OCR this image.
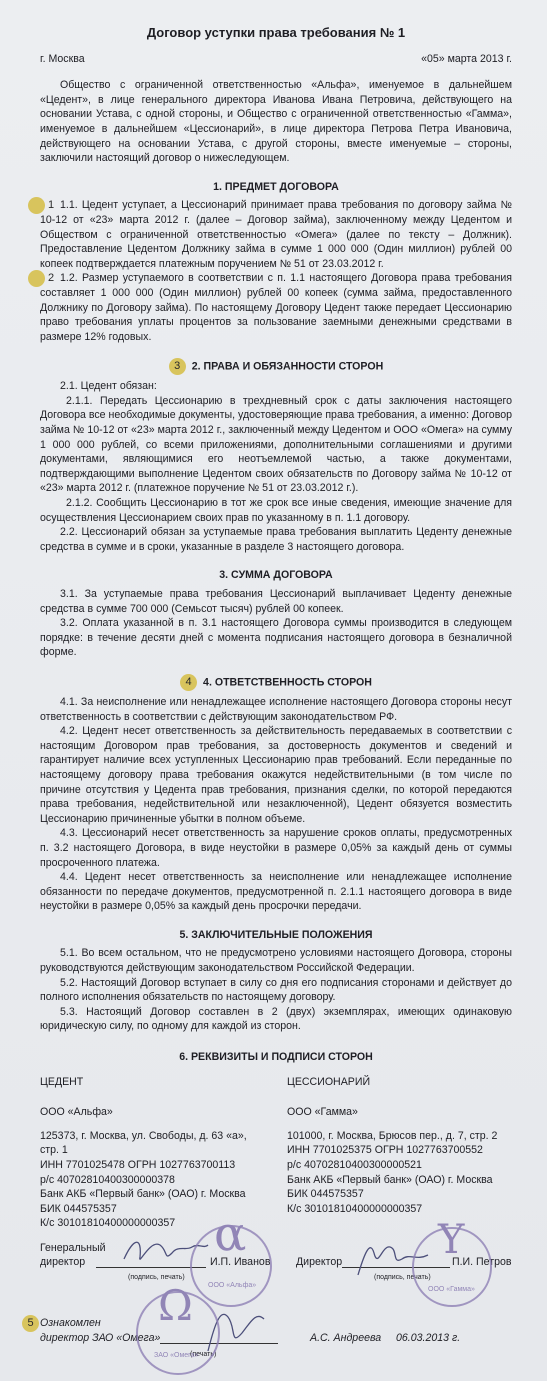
Договор уступки права требования № 1
г. Москва	«05» марта 2013 г.

Общество с ограниченной ответственностью «Альфа», именуемое в дальнейшем «Цедент», в лице генерального директора Иванова Ивана Петровича, действующего на основании Устава, с одной стороны, и Общество с ограниченной ответственностью «Гамма», именуемое в дальнейшем «Цессионарий», в лице директора Петрова Петра Ивановича, действующего на основании Устава, с другой стороны, вместе именуемые – стороны, заключили настоящий договор о нижеследующем.

1. ПРЕДМЕТ ДОГОВОРА

1 1.1. Цедент уступает, а Цессионарий принимает права требования по договору займа № 10-12 от «23» марта 2012 г. (далее – Договор займа), заключенному между Цедентом и Обществом с ограниченной ответственностью «Омега» (далее по тексту – Должник). Предоставление Цедентом Должнику займа в сумме 1 000 000 (Один миллион) рублей 00 копеек подтверждается платежным поручением № 51 от 23.03.2012 г.

2 1.2. Размер уступаемого в соответствии с п. 1.1 настоящего Договора права требования составляет 1 000 000 (Один миллион) рублей 00 копеек (сумма займа, предоставленного Должнику по Договору займа). По настоящему Договору Цедент также передает Цессионарию право требования уплаты процентов за пользование заемными денежными средствами в размере 12% годовых.

3 2. ПРАВА И ОБЯЗАННОСТИ СТОРОН

2.1. Цедент обязан:

2.1.1. Передать Цессионарию в трехдневный срок с даты заключения настоящего Договора все необходимые документы, удостоверяющие права требования, а именно: Договор займа № 10-12 от «23» марта 2012 г., заключенный между Цедентом и ООО «Омега» на сумму 1 000 000 рублей, со всеми приложениями, дополнительными соглашениями и другими документами, являющимися его неотъемлемой частью, а также документами, подтверждающими выполнение Цедентом своих обязательств по Договору займа № 10-12 от «23» марта 2012 г. (платежное поручение № 51 от 23.03.2012 г.).

2.1.2. Сообщить Цессионарию в тот же срок все иные сведения, имеющие значение для осуществления Цессионарием своих прав по указанному в п. 1.1 договору.

2.2. Цессионарий обязан за уступаемые права требования выплатить Цеденту денежные средства в сумме и в сроки, указанные в разделе 3 настоящего договора.

3. СУММА ДОГОВОРА

3.1. За уступаемые права требования Цессионарий выплачивает Цеденту денежные средства в сумме 700 000 (Семьсот тысяч) рублей 00 копеек.

3.2. Оплата указанной в п. 3.1 настоящего Договора суммы производится в следующем порядке: в течение десяти дней с момента подписания настоящего договора в безналичной форме.

4 4. ОТВЕТСТВЕННОСТЬ СТОРОН

4.1. За неисполнение или ненадлежащее исполнение настоящего Договора стороны несут ответственность в соответствии с действующим законодательством РФ.

4.2. Цедент несет ответственность за действительность передаваемых в соответствии с настоящим Договором прав требования, за достоверность документов и сведений и гарантирует наличие всех уступленных Цессионарию прав требований. Если переданные по настоящему договору права требования окажутся недействительными (в том числе по причине отсутствия у Цедента прав требования, признания сделки, по которой передаются права требования, недействительной или незаключенной), Цедент обязуется возместить Цессионарию причиненные убытки в полном объеме.

4.3. Цессионарий несет ответственность за нарушение сроков оплаты, предусмотренных п. 3.2 настоящего Договора, в виде неустойки в размере 0,05% за каждый день от суммы просроченного платежа.

4.4. Цедент несет ответственность за неисполнение или ненадлежащее исполнение обязанности по передаче документов, предусмотренной п. 2.1.1 настоящего договора в виде неустойки в размере 0,05% за каждый день просрочки передачи.

5. ЗАКЛЮЧИТЕЛЬНЫЕ ПОЛОЖЕНИЯ

5.1. Во всем остальном, что не предусмотрено условиями настоящего Договора, стороны руководствуются действующим законодательством Российской Федерации.

5.2. Настоящий Договор вступает в силу со дня его подписания сторонами и действует до полного исполнения обязательств по настоящему договору.

5.3. Настоящий Договор составлен в 2 (двух) экземплярах, имеющих одинаковую юридическую силу, по одному для каждой из сторон.

6. РЕКВИЗИТЫ И ПОДПИСИ СТОРОН

ЦЕДЕНТ

ООО «Альфа»

125373, г. Москва, ул. Свободы, д. 63 «а», стр. 1

ИНН 7701025478 ОГРН 1027763700113

р/с 40702810400300000378

Банк АКБ «Первый банк» (ОАО) г. Москва

БИК 044575357

К/с 30101810400000000357

ЦЕССИОНАРИЙ

ООО «Гамма»

101000, г. Москва, Брюсов пер., д. 7, стр. 2

ИНН 7701025375 ОГРН 1027763700552

р/с 40702810400300000521

Банк АКБ «Первый банк» (ОАО) г. Москва

БИК 044575357

К/с 30101810400000000357

Генеральный
директор	И.П. Иванов
(подпись, печать)
α
ООО «Альфа»
Директор	П.И. Петров
(подпись, печать)
Y
ООО «Гамма»
5 Ознакомлен
директор ЗАО «Омега»	А.С. Андреева 06.03.2013 г.
(печать)
Ω
ЗАО «Омега»
